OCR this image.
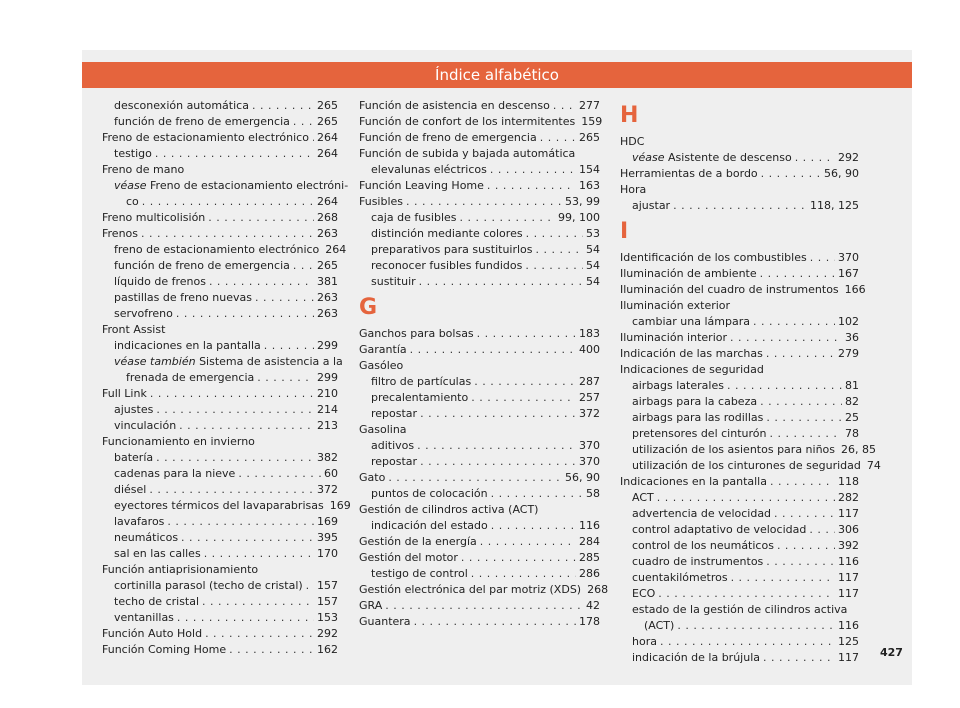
Índice alfabético
desconexión automática . . .	265
función de freno de emergencia . . . 265
Freno de estacionamiento electrónico . . . 264
testigo . . .	264
Freno de mano
véase Freno de estacionamiento electróni-
co . . .	264
Freno multicolisión . . .	268
Frenos . . .	263
freno de estacionamiento electrónico 264
función de freno de emergencia . . . 265
líquido de frenos . . .	381
pastillas de freno nuevas . . .	263
servofreno . . .	263
Front Assist
indicaciones en la pantalla . . .	299
véase también Sistema de asistencia a la
frenada de emergencia . . .	299
Full Link . . .	210
ajustes . . .	214
vinculación . . .	213
Funcionamiento en invierno
batería . . .	382
cadenas para la nieve . . .	60
diésel . . .	372
eyectores térmicos del lavaparabrisas 169
lavafaros . . .	169
neumáticos . . .	395
sal en las calles . . .	170
Función antiaprisionamiento
cortinilla parasol (techo de cristal) . . . 157
techo de cristal . . .	157
ventanillas . . .	153
Función Auto Hold . . .	292
Función Coming Home . . .	162
Función de asistencia en descenso . . .	277
Función de confort de los intermitentes 159
Función de freno de emergencia . . .	265
Función de subida y bajada automática
elevalunas eléctricos . . .	154
Función Leaving Home . . .	163
Fusibles . . .	53, 99
caja de fusibles . . .	99, 100
distinción mediante colores . . .	53
preparativos para sustituirlos . . .	54
reconocer fusibles fundidos . . .	54
sustituir . . .	54
G
Ganchos para bolsas . . .	183
Garantía . . .	400
Gasóleo
filtro de partículas . . .	287
precalentamiento . . .	257
repostar . . .	372
Gasolina
aditivos . . .	370
repostar . . .	370
Gato . . .	56, 90
puntos de colocación . . .	58
Gestión de cilindros activa (ACT)
indicación del estado . . .	116
Gestión de la energía . . .	284
Gestión del motor . . .	285
testigo de control . . .	286
Gestión electrónica del par motriz (XDS) 268
GRA . . .	42
Guantera . . .	178
H
HDC
véase Asistente de descenso . . .	292
Herramientas de a bordo . . .	56, 90
Hora
ajustar . . .	118, 125
I
Identificación de los combustibles . . .	370
Iluminación de ambiente . . .	167
Iluminación del cuadro de instrumentos 166
Iluminación exterior
cambiar una lámpara . . .	102
Iluminación interior . . .	36
Indicación de las marchas . . .	279
Indicaciones de seguridad
airbags laterales . . .	81
airbags para la cabeza . . .	82
airbags para las rodillas . . .	25
pretensores del cinturón . . .	78
utilización de los asientos para niños 26, 85
utilización de los cinturones de seguridad 74
Indicaciones en la pantalla . . .	118
ACT . . .	282
advertencia de velocidad . . .	117
control adaptativo de velocidad . . .	306
control de los neumáticos . . .	392
cuadro de instrumentos . . .	116
cuentakilómetros . . .	117
ECO . . .	117
estado de la gestión de cilindros activa
(ACT) . . .	116
hora . . .	125
indicación de la brújula . . .	117 427
